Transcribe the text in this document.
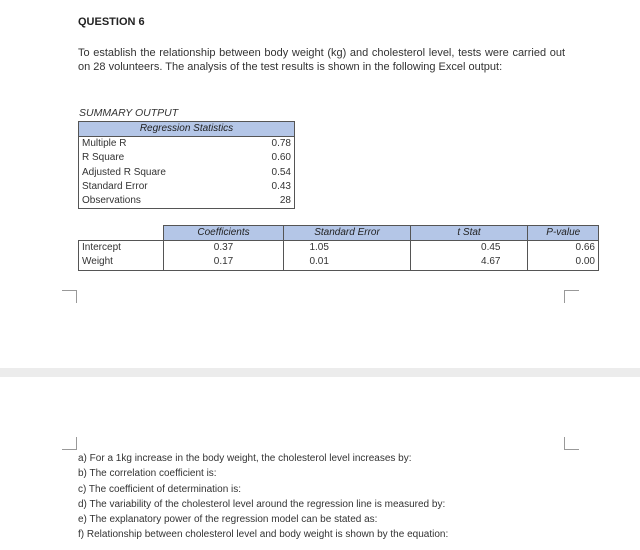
QUESTION 6
To establish the relationship between body weight (kg) and cholesterol level, tests were carried out on 28 volunteers. The analysis of the test results is shown in the following Excel output:
SUMMARY OUTPUT
Regression Statistics	
Multiple R	0.78
R Square	0.60
Adjusted R Square	0.54
Standard Error	0.43
Observations	28
	Coefficients	Standard Error	t Stat	P-value
Intercept	0.37	1.05	0.45	0.66
Weight	0.17	0.01	4.67	0.00
a) For a 1kg increase in the body weight, the cholesterol level increases by:
b) The correlation coefficient is:
c) The coefficient of determination is:
d) The variability of the cholesterol level around the regression line is measured by:
e) The explanatory power of the regression model can be stated as:
f) Relationship between cholesterol level and body weight is shown by the equation:
